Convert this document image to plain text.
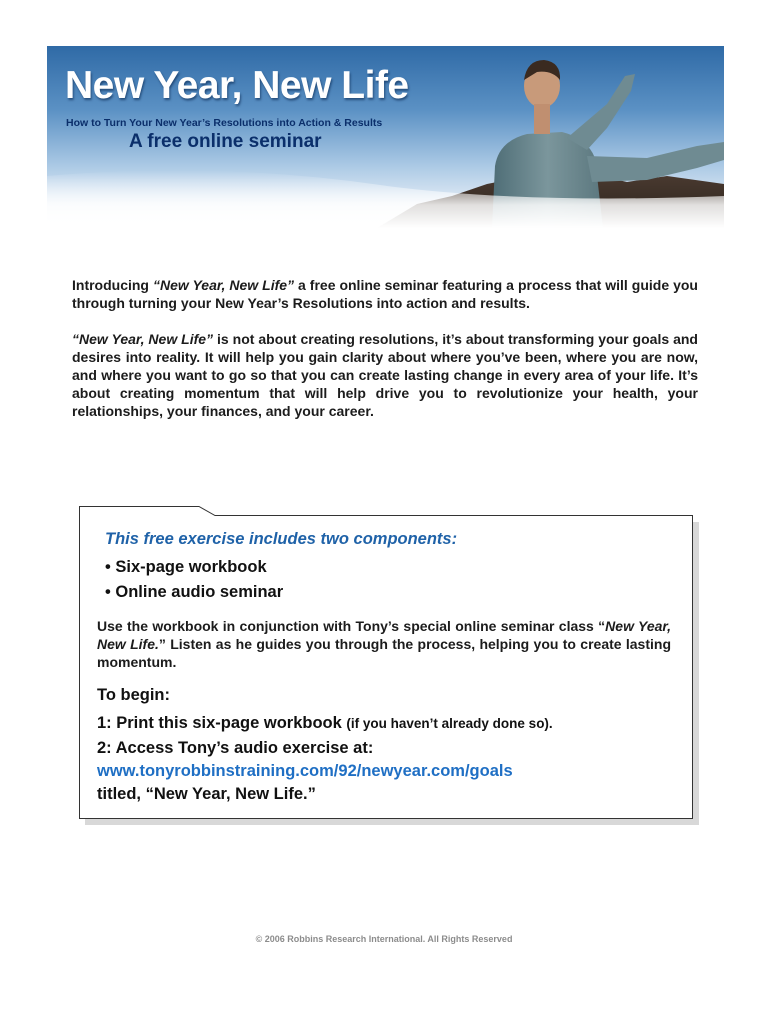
New Year, New Life
How to Turn Your New Year’s Resolutions into Action & Results
A free online seminar

Introducing “New Year, New Life” a free online seminar featuring a process that will guide you through turning your New Year’s Resolutions into action and results.

“New Year, New Life” is not about creating resolutions, it’s about transforming your goals and desires into reality. It will help you gain clarity about where you’ve been, where you are now, and where you want to go so that you can create lasting change in every area of your life. It’s about creating momentum that will help drive you to revolutionize your health, your relationships, your finances, and your career.

This free exercise includes two components:
• Six-page workbook
• Online audio seminar

Use the workbook in conjunction with Tony’s special online seminar class “New Year, New Life.” Listen as he guides you through the process, helping you to create lasting momentum.

To begin:
1: Print this six-page workbook (if you haven’t already done so).
2: Access Tony’s audio exercise at:
www.tonyrobbinstraining.com/92/newyear.com/goals
titled, “New Year, New Life.”
© 2006 Robbins Research International. All Rights Reserved
